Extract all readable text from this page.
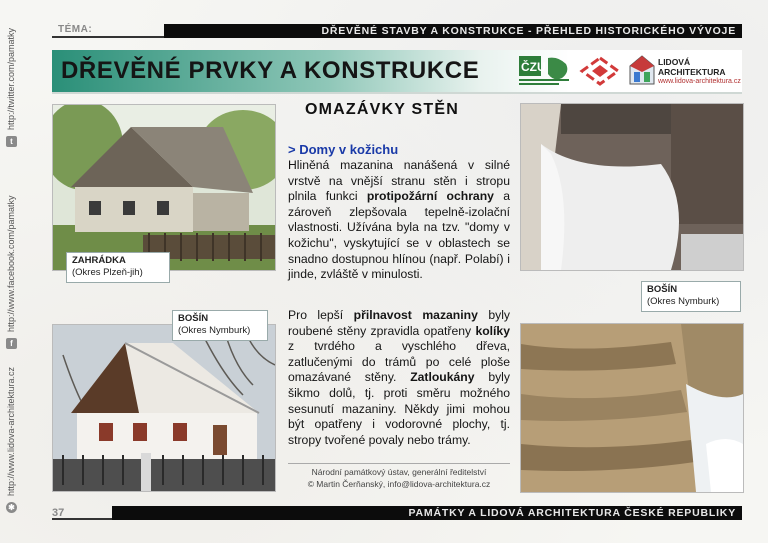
t
http://twitter.com/pamatky
f
http://www.facebook.com/pamatky
✱
http://www.lidova-architektura.cz
DŘEVĚNÉ STAVBY A KONSTRUKCE - PŘEHLED HISTORICKÉHO VÝVOJE
TÉMA:
DŘEVĚNÉ PRVKY A KONSTRUKCE	ČZU	LIDOVÁ
ARCHITEKTURA
www.lidova-architektura.cz
ZAHRÁDKA
(Okres Plzeň-jih)
BOŠÍN
(Okres Nymburk)
BOŠÍN
(Okres Nymburk)
OMAZÁVKY STĚN
> Domy v kožichu
Hliněná mazanina nanášená v silné vrstvě na vnější stranu stěn i stropu plnila funkci protipožární ochrany a zároveň zlepšovala tepelně-izolační vlastnosti. Užívána byla na tzv. "domy v kožichu", vyskytující se v oblastech se snadno dostupnou hlínou (např. Polabí) i jinde, zvláště v minulosti.
Pro lepší přilnavost mazaniny byly roubené stěny zpravidla opatřeny kolíky z tvrdého a vyschlého dřeva, zatlučenými do trámů po celé ploše omazávané stěny. Zatloukány byly šikmo dolů, tj. proti směru možného sesunutí mazaniny. Někdy jimi mohou být opatřeny i vodorovné plochy, tj. stropy tvořené povaly nebo trámy.
Národní památkový ústav, generální ředitelství
© Martin Čerňanský, info@lidova-architektura.cz
37	PAMÁTKY A LIDOVÁ ARCHITEKTURA ČESKÉ REPUBLIKY
